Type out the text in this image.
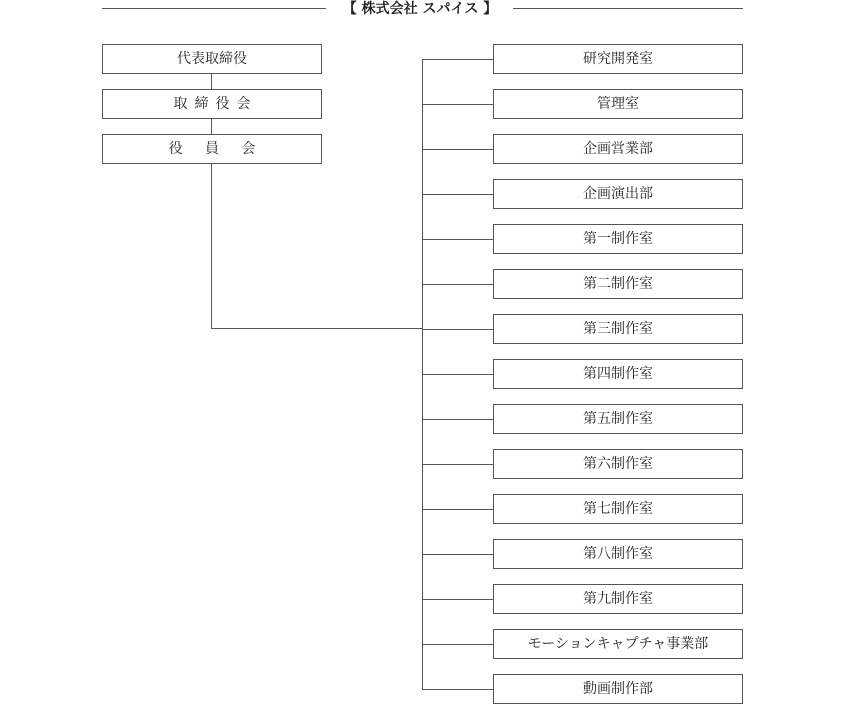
【 株式会社 スパイス 】
代表取締役
取締役会
役員会
研究開発室
管理室
企画営業部
企画演出部
第一制作室
第二制作室
第三制作室
第四制作室
第五制作室
第六制作室
第七制作室
第八制作室
第九制作室
モーションキャプチャ事業部
動画制作部
